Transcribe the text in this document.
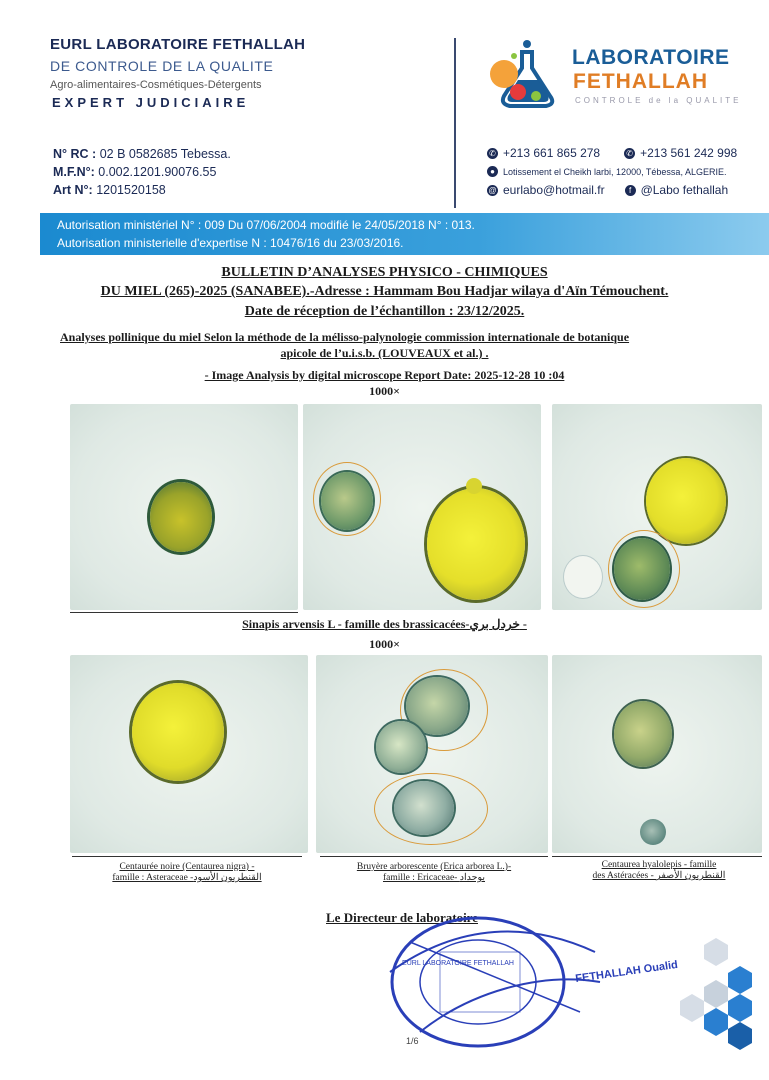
EURL LABORATOIRE FETHALLAH
DE CONTROLE DE LA QUALITE
Agro-alimentaires-Cosmétiques-Détergents
EXPERT JUDICIAIRE
N° RC : 02 B 0582685 Tebessa.
M.F.N°: 0.002.1201.90076.55
Art N°: 1201520158
LABORATOIRE
FETHALLAH
CONTROLE de la QUALITE
✆ +213 661 865 278	✆ +213 561 242 998
● Lotissement el Cheikh larbi, 12000, Tébessa, ALGERIE.
@ eurlabo@hotmail.fr	f @Labo fethallah
Autorisation ministériel N° : 009 Du 07/06/2004 modifié le 24/05/2018 N° : 013.
Autorisation ministerielle d'expertise N : 10476/16 du 23/03/2016.
BULLETIN D’ANALYSES PHYSICO - CHIMIQUES
DU MIEL (265)-2025 (SANABEE).-Adresse : Hammam Bou Hadjar wilaya d'Aïn Témouchent.
Date de réception de l’échantillon : 23/12/2025.
Analyses pollinique du miel Selon la méthode de la mélisso-palynologie commission internationale de botanique
apicole de l’u.i.s.b. (LOUVEAUX et al.) .
- Image Analysis by digital microscope Report Date: 2025-12-28 10 :04
1000×
Sinapis arvensis L - famille des brassicacées-خردل بري -
1000×
Centaurée noire (Centaurea nigra) -
famille : Asteraceae -القنطريون الأسود
Bruyère arborescente (Erica arborea L.)-
famille : Ericaceae- بوحداد
Centaurea hyalolepis - famille
des Astéracées - القنطريون الأصفر
Le Directeur de laboratoire
EURL LABORATOIRE FETHALLAH	FETHALLAH Oualid
1/6
